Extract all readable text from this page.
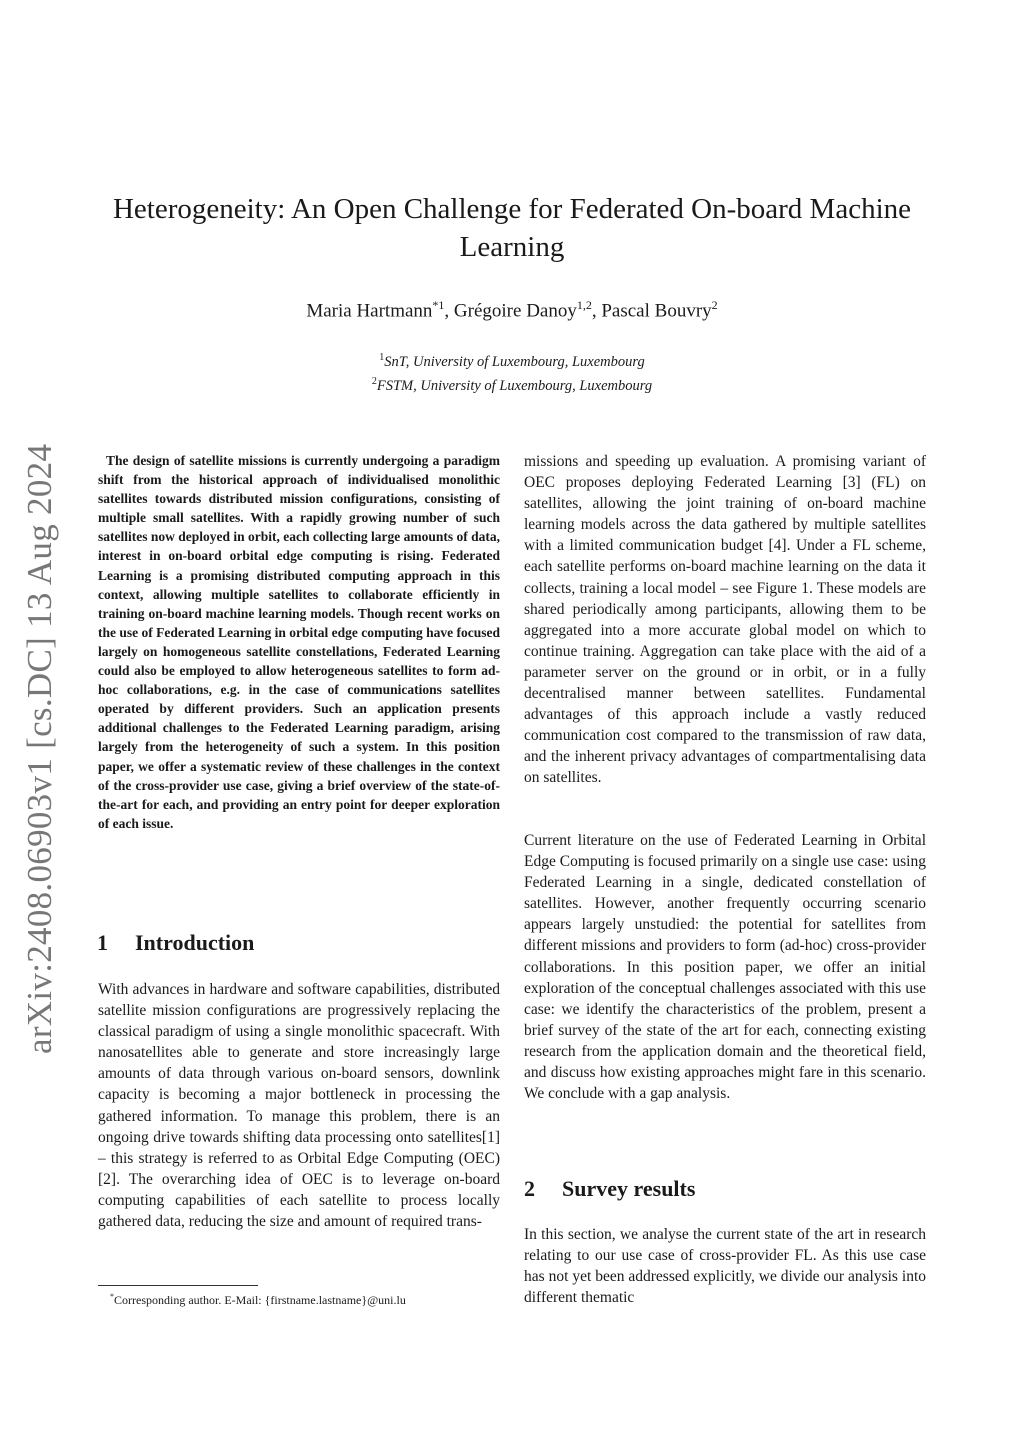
arXiv:2408.06903v1 [cs.DC] 13 Aug 2024
Heterogeneity: An Open Challenge for Federated On-board Machine Learning
Maria Hartmann$^{*1}$, Grégoire Danoy$^{1,2}$, Pascal Bouvry$^2$
$^1$SnT, University of Luxembourg, Luxembourg
$^2$FSTM, University of Luxembourg, Luxembourg

The design of satellite missions is currently undergoing a paradigm shift from the historical approach of individualised monolithic satellites towards distributed mission configurations, consisting of multiple small satellites. With a rapidly growing number of such satellites now deployed in orbit, each collecting large amounts of data, interest in on-board orbital edge computing is rising. Federated Learning is a promising distributed computing approach in this context, allowing multiple satellites to collaborate efficiently in training on-board machine learning models. Though recent works on the use of Federated Learning in orbital edge computing have focused largely on homogeneous satellite constellations, Federated Learning could also be employed to allow heterogeneous satellites to form ad-hoc collaborations, e.g. in the case of communications satellites operated by different providers. Such an application presents additional challenges to the Federated Learning paradigm, arising largely from the heterogeneity of such a system. In this position paper, we offer a systematic review of these challenges in the context of the cross-provider use case, giving a brief overview of the state-of-the-art for each, and providing an entry point for deeper exploration of each issue.

1 Introduction

With advances in hardware and software capabilities, distributed satellite mission configurations are progressively replacing the classical paradigm of using a single monolithic spacecraft. With nanosatellites able to generate and store increasingly large amounts of data through various on-board sensors, downlink capacity is becoming a major bottleneck in processing the gathered information. To manage this problem, there is an ongoing drive towards shifting data processing onto satellites[1] – this strategy is referred to as Orbital Edge Computing (OEC)[2]. The overarching idea of OEC is to leverage on-board computing capabilities of each satellite to process locally gathered data, reducing the size and amount of required trans-

*Corresponding author. E-Mail: {firstname.lastname}@uni.lu

missions and speeding up evaluation. A promising variant of OEC proposes deploying Federated Learning [3] (FL) on satellites, allowing the joint training of on-board machine learning models across the data gathered by multiple satellites with a limited communication budget [4]. Under a FL scheme, each satellite performs on-board machine learning on the data it collects, training a local model – see Figure 1. These models are shared periodically among participants, allowing them to be aggregated into a more accurate global model on which to continue training. Aggregation can take place with the aid of a parameter server on the ground or in orbit, or in a fully decentralised manner between satellites. Fundamental advantages of this approach include a vastly reduced communication cost compared to the transmission of raw data, and the inherent privacy advantages of compartmentalising data on satellites.

Current literature on the use of Federated Learning in Orbital Edge Computing is focused primarily on a single use case: using Federated Learning in a single, dedicated constellation of satellites. However, another frequently occurring scenario appears largely unstudied: the potential for satellites from different missions and providers to form (ad-hoc) cross-provider collaborations. In this position paper, we offer an initial exploration of the conceptual challenges associated with this use case: we identify the characteristics of the problem, present a brief survey of the state of the art for each, connecting existing research from the application domain and the theoretical field, and discuss how existing approaches might fare in this scenario. We conclude with a gap analysis.

2 Survey results

In this section, we analyse the current state of the art in research relating to our use case of cross-provider FL. As this use case has not yet been addressed explicitly, we divide our analysis into different thematic
